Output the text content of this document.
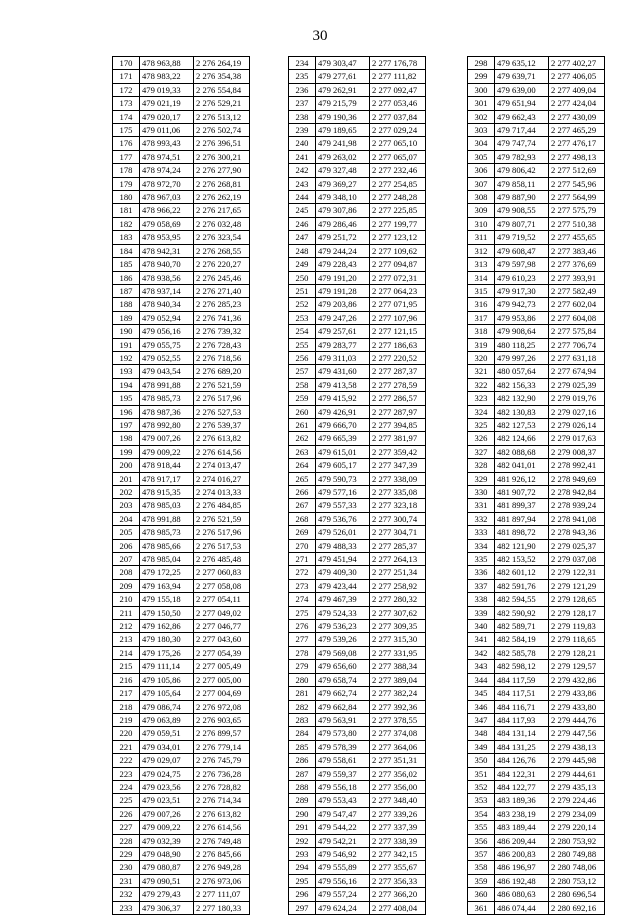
30
170	478 963,88	2 276 264,19
171	478 983,22	2 276 354,38
172	479 019,33	2 276 554,84
173	479 021,19	2 276 529,21
174	479 020,17	2 276 513,12
175	479 011,06	2 276 502,74
176	478 993,43	2 276 396,51
177	478 974,51	2 276 300,21
178	478 974,24	2 276 277,90
179	478 972,70	2 276 268,81
180	478 967,03	2 276 262,19
181	478 966,22	2 276 217,65
182	479 058,69	2 276 032,48
183	478 953,95	2 276 323,54
184	478 942,31	2 276 268,55
185	478 940,70	2 276 220,27
186	478 938,56	2 276 245,46
187	478 937,14	2 276 271,40
188	478 940,34	2 276 285,23
189	479 052,94	2 276 741,36
190	479 056,16	2 276 739,32
191	479 055,75	2 276 728,43
192	479 052,55	2 276 718,56
193	479 043,54	2 276 689,20
194	478 991,88	2 276 521,59
195	478 985,73	2 276 517,96
196	478 987,36	2 276 527,53
197	478 992,80	2 276 539,37
198	479 007,26	2 276 613,82
199	479 009,22	2 276 614,56
200	478 918,44	2 274 013,47
201	478 917,17	2 274 016,27
202	478 915,35	2 274 013,33
203	478 985,03	2 276 484,85
204	478 991,88	2 276 521,59
205	478 985,73	2 276 517,96
206	478 985,66	2 276 517,53
207	478 985,04	2 276 485,48
208	479 172,25	2 277 060,83
209	479 163,94	2 277 058,08
210	479 155,18	2 277 054,11
211	479 150,50	2 277 049,02
212	479 162,86	2 277 046,77
213	479 180,30	2 277 043,60
214	479 175,26	2 277 054,39
215	479 111,14	2 277 005,49
216	479 105,86	2 277 005,00
217	479 105,64	2 277 004,69
218	479 086,74	2 276 972,08
219	479 063,89	2 276 903,65
220	479 059,51	2 276 899,57
221	479 034,01	2 276 779,14
222	479 029,07	2 276 745,79
223	479 024,75	2 276 736,28
224	479 023,56	2 276 728,82
225	479 023,51	2 276 714,34
226	479 007,26	2 276 613,82
227	479 009,22	2 276 614,56
228	479 032,39	2 276 749,48
229	479 048,90	2 276 845,66
230	479 080,87	2 276 949,28
231	479 090,51	2 276 973,06
232	479 279,43	2 277 111,07
233	479 306,37	2 277 180,33
234	479 303,47	2 277 176,78
235	479 277,61	2 277 111,82
236	479 262,91	2 277 092,47
237	479 215,79	2 277 053,46
238	479 190,36	2 277 037,84
239	479 189,65	2 277 029,24
240	479 241,98	2 277 065,10
241	479 263,02	2 277 065,07
242	479 327,48	2 277 232,46
243	479 369,27	2 277 254,85
244	479 348,10	2 277 248,28
245	479 307,86	2 277 225,85
246	479 286,46	2 277 199,77
247	479 251,72	2 277 123,12
248	479 244,24	2 277 109,62
249	479 228,43	2 277 094,87
250	479 191,20	2 277 072,31
251	479 191,28	2 277 064,23
252	479 203,86	2 277 071,95
253	479 247,26	2 277 107,96
254	479 257,61	2 277 121,15
255	479 283,77	2 277 186,63
256	479 311,03	2 277 220,52
257	479 431,60	2 277 287,37
258	479 413,58	2 277 278,59
259	479 415,92	2 277 286,57
260	479 426,91	2 277 287,97
261	479 666,70	2 277 394,85
262	479 665,39	2 277 381,97
263	479 615,01	2 277 359,42
264	479 605,17	2 277 347,39
265	479 590,73	2 277 338,09
266	479 577,16	2 277 335,08
267	479 557,33	2 277 323,18
268	479 536,76	2 277 300,74
269	479 526,01	2 277 304,71
270	479 488,33	2 277 285,37
271	479 451,94	2 277 264,13
272	479 409,30	2 277 251,34
273	479 423,44	2 277 258,92
274	479 467,39	2 277 280,32
275	479 524,33	2 277 307,62
276	479 536,23	2 277 309,35
277	479 539,26	2 277 315,30
278	479 569,08	2 277 331,95
279	479 656,60	2 277 388,34
280	479 658,74	2 277 389,04
281	479 662,74	2 277 382,24
282	479 662,84	2 277 392,36
283	479 563,91	2 277 378,55
284	479 573,80	2 277 374,08
285	479 578,39	2 277 364,06
286	479 558,61	2 277 351,31
287	479 559,37	2 277 356,02
288	479 556,18	2 277 356,00
289	479 553,43	2 277 348,40
290	479 547,47	2 277 339,26
291	479 544,22	2 277 337,39
292	479 542,21	2 277 338,39
293	479 546,92	2 277 342,15
294	479 555,89	2 277 355,67
295	479 556,16	2 277 356,33
296	479 557,24	2 277 366,20
297	479 624,24	2 277 408,04
298	479 635,12	2 277 402,27
299	479 639,71	2 277 406,05
300	479 639,00	2 277 409,04
301	479 651,94	2 277 424,04
302	479 662,43	2 277 430,09
303	479 717,44	2 277 465,29
304	479 747,74	2 277 476,17
305	479 782,93	2 277 498,13
306	479 806,42	2 277 512,69
307	479 858,11	2 277 545,96
308	479 887,90	2 277 564,99
309	479 908,55	2 277 575,79
310	479 807,71	2 277 510,38
311	479 719,52	2 277 455,65
312	479 608,47	2 277 383,46
313	479 597,98	2 277 376,69
314	479 610,23	2 277 393,91
315	479 917,30	2 277 582,49
316	479 942,73	2 277 602,04
317	479 953,86	2 277 604,08
318	479 908,64	2 277 575,84
319	480 118,25	2 277 706,74
320	479 997,26	2 277 631,18
321	480 057,64	2 277 674,94
322	482 156,33	2 279 025,39
323	482 132,90	2 279 019,76
324	482 130,83	2 279 027,16
325	482 127,53	2 279 026,14
326	482 124,66	2 279 017,63
327	482 088,68	2 279 008,37
328	482 041,01	2 278 992,41
329	481 926,12	2 278 949,69
330	481 907,72	2 278 942,84
331	481 899,37	2 278 939,24
332	481 897,94	2 278 941,08
333	481 898,72	2 278 943,36
334	482 121,90	2 279 025,37
335	482 153,52	2 279 037,08
336	482 601,12	2 279 122,31
337	482 591,76	2 279 121,29
338	482 594,55	2 279 128,65
339	482 590,92	2 279 128,17
340	482 589,71	2 279 119,83
341	482 584,19	2 279 118,65
342	482 585,78	2 279 128,21
343	482 598,12	2 279 129,57
344	484 117,59	2 279 432,86
345	484 117,51	2 279 433,86
346	484 116,71	2 279 433,80
347	484 117,93	2 279 444,76
348	484 131,14	2 279 447,56
349	484 131,25	2 279 438,13
350	484 126,76	2 279 445,98
351	484 122,31	2 279 444,61
352	484 122,77	2 279 435,13
353	483 189,36	2 279 224,46
354	483 238,19	2 279 234,09
355	483 189,44	2 279 220,14
356	486 209,44	2 280 753,92
357	486 200,83	2 280 749,88
358	486 196,97	2 280 748,06
359	486 192,48	2 280 753,12
360	486 080,63	2 280 696,54
361	486 074,44	2 280 692,16
